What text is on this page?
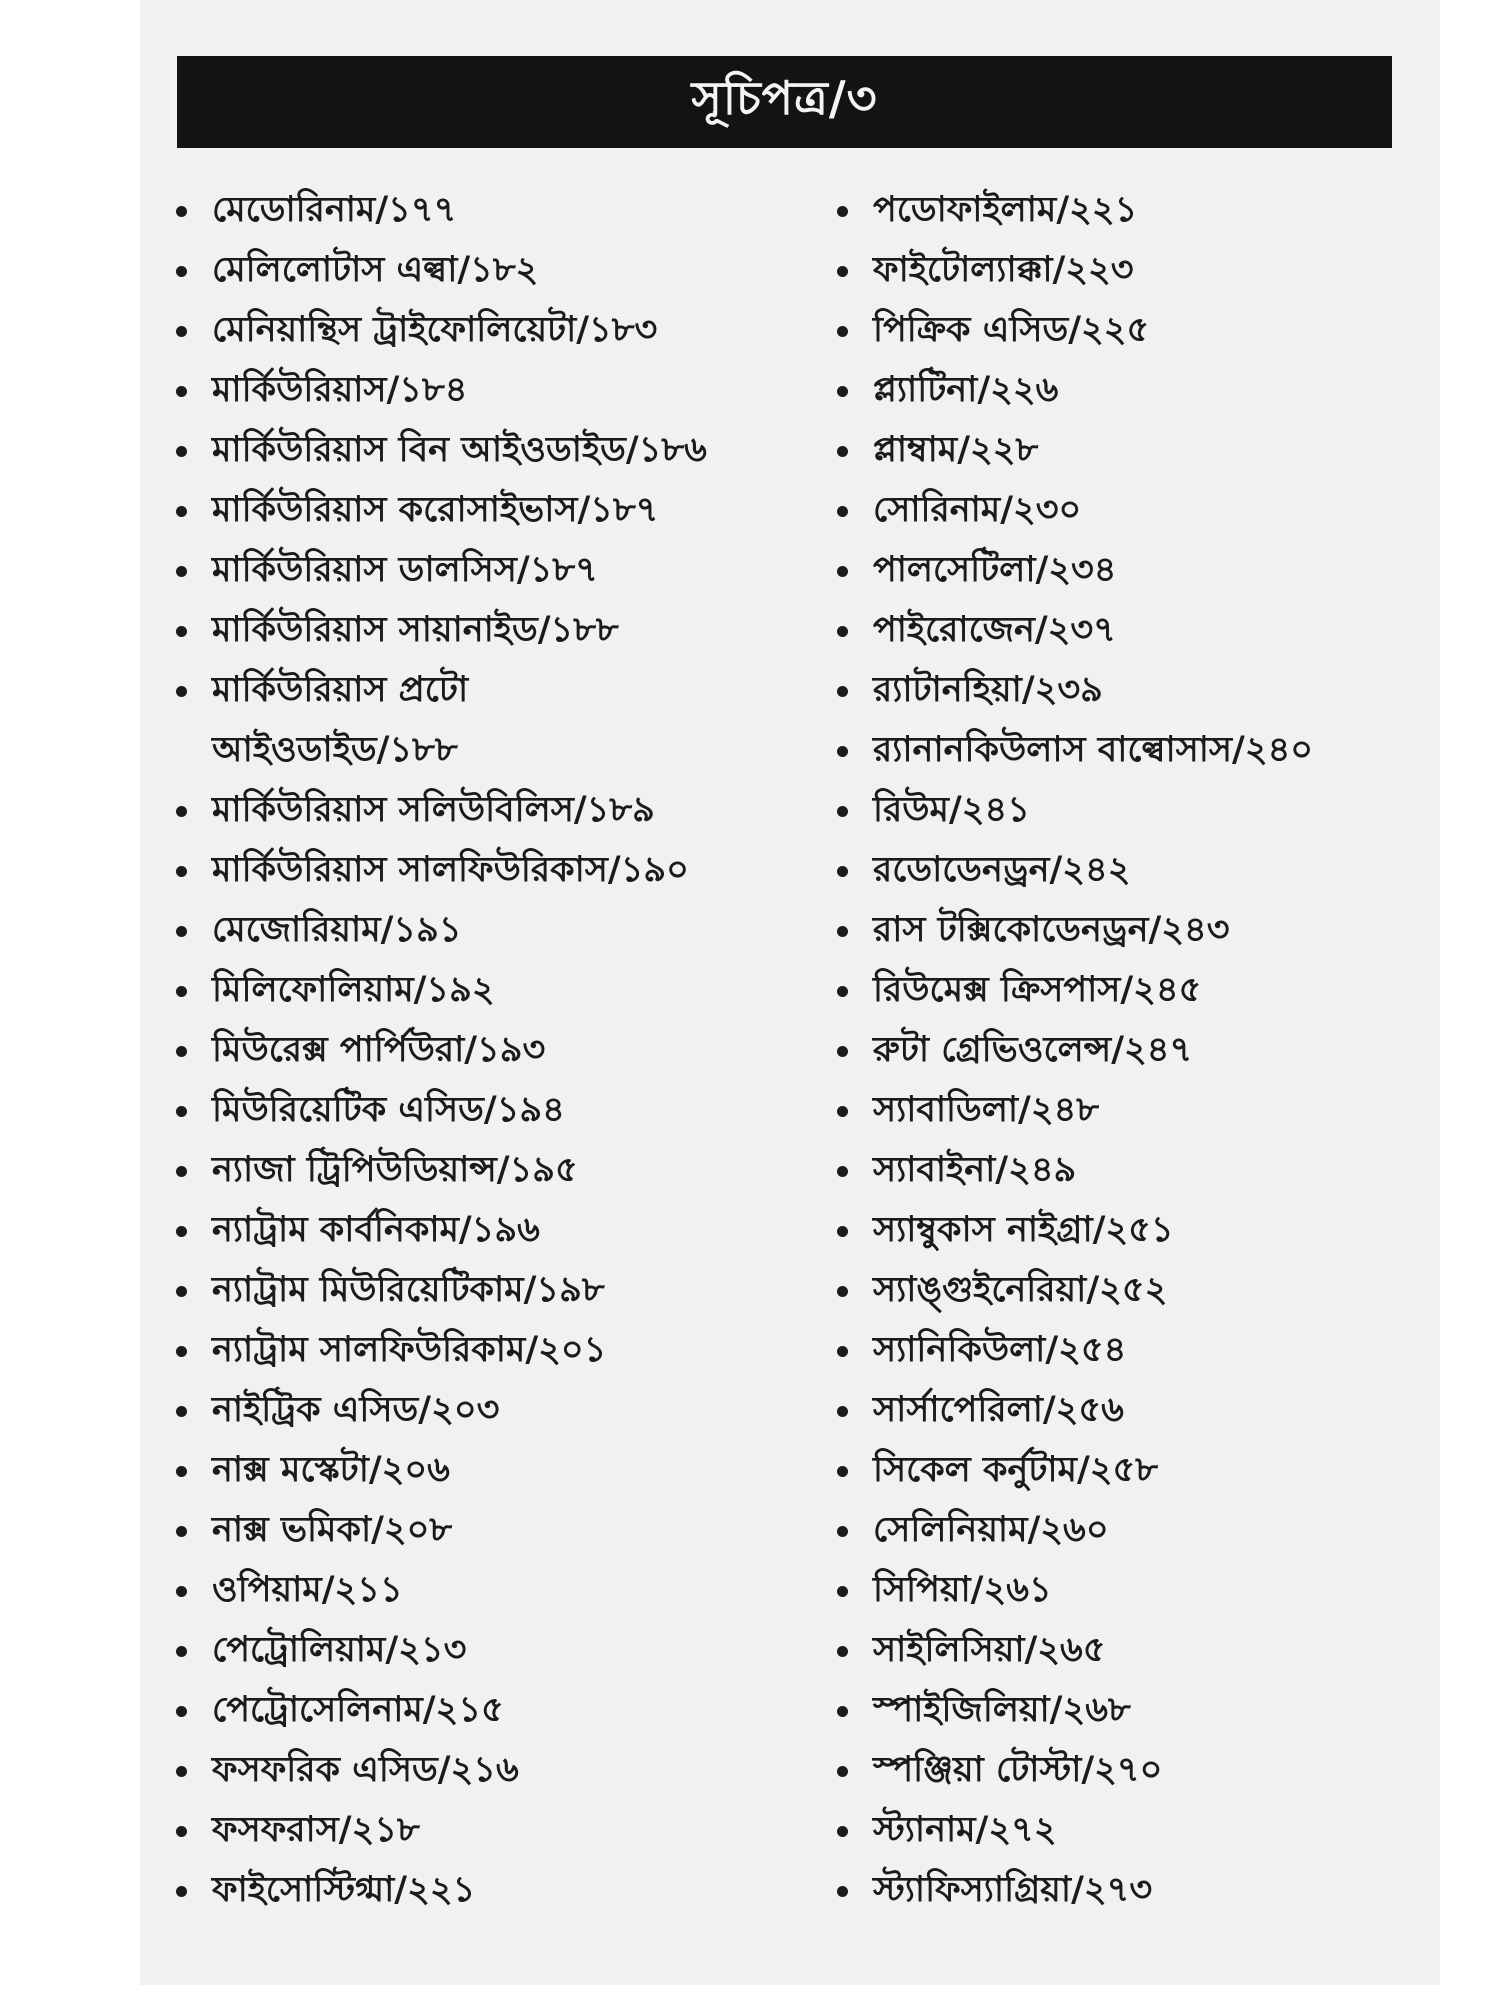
সূচিপত্র/৩
মেডোরিনাম/১৭৭
মেলিলোটাস এল্বা/১৮২
মেনিয়ান্থিস ট্রাইফোলিয়েটা/১৮৩
মার্কিউরিয়াস/১৮৪
মার্কিউরিয়াস বিন আইওডাইড/১৮৬
মার্কিউরিয়াস করোসাইভাস/১৮৭
মার্কিউরিয়াস ডালসিস/১৮৭
মার্কিউরিয়াস সায়ানাইড/১৮৮
মার্কিউরিয়াস প্রটো
আইওডাইড/১৮৮
মার্কিউরিয়াস সলিউবিলিস/১৮৯
মার্কিউরিয়াস সালফিউরিকাস/১৯০
মেজোরিয়াম/১৯১
মিলিফোলিয়াম/১৯২
মিউরেক্স পার্পিউরা/১৯৩
মিউরিয়েটিক এসিড/১৯৪
ন্যাজা ট্রিপিউডিয়ান্স/১৯৫
ন্যাট্রাম কার্বনিকাম/১৯৬
ন্যাট্রাম মিউরিয়েটিকাম/১৯৮
ন্যাট্রাম সালফিউরিকাম/২০১
নাইট্রিক এসিড/২০৩
নাক্স মস্কেটা/২০৬
নাক্স ভমিকা/২০৮
ওপিয়াম/২১১
পেট্রোলিয়াম/২১৩
পেট্রোসেলিনাম/২১৫
ফসফরিক এসিড/২১৬
ফসফরাস/২১৮
ফাইসোস্টিগ্মা/২২১
পডোফাইলাম/২২১
ফাইটোল্যাক্কা/২২৩
পিক্রিক এসিড/২২৫
প্ল্যাটিনা/২২৬
প্লাম্বাম/২২৮
সোরিনাম/২৩০
পালসেটিলা/২৩৪
পাইরোজেন/২৩৭
র‍্যাটানহিয়া/২৩৯
র‍্যানানকিউলাস বাল্বোসাস/২৪০
রিউম/২৪১
রডোডেনড্রন/২৪২
রাস টক্সিকোডেনড্রন/২৪৩
রিউমেক্স ক্রিসপাস/২৪৫
রুটা গ্রেভিওলেন্স/২৪৭
স্যাবাডিলা/২৪৮
স্যাবাইনা/২৪৯
স্যাম্বুকাস নাইগ্রা/২৫১
স্যাঙ্গুইনেরিয়া/২৫২
স্যানিকিউলা/২৫৪
সার্সাপেরিলা/২৫৬
সিকেল কর্নুটাম/২৫৮
সেলিনিয়াম/২৬০
সিপিয়া/২৬১
সাইলিসিয়া/২৬৫
স্পাইজিলিয়া/২৬৮
স্পঞ্জিয়া টোস্টা/২৭০
স্ট্যানাম/২৭২
স্ট্যাফিস্যাগ্রিয়া/২৭৩
